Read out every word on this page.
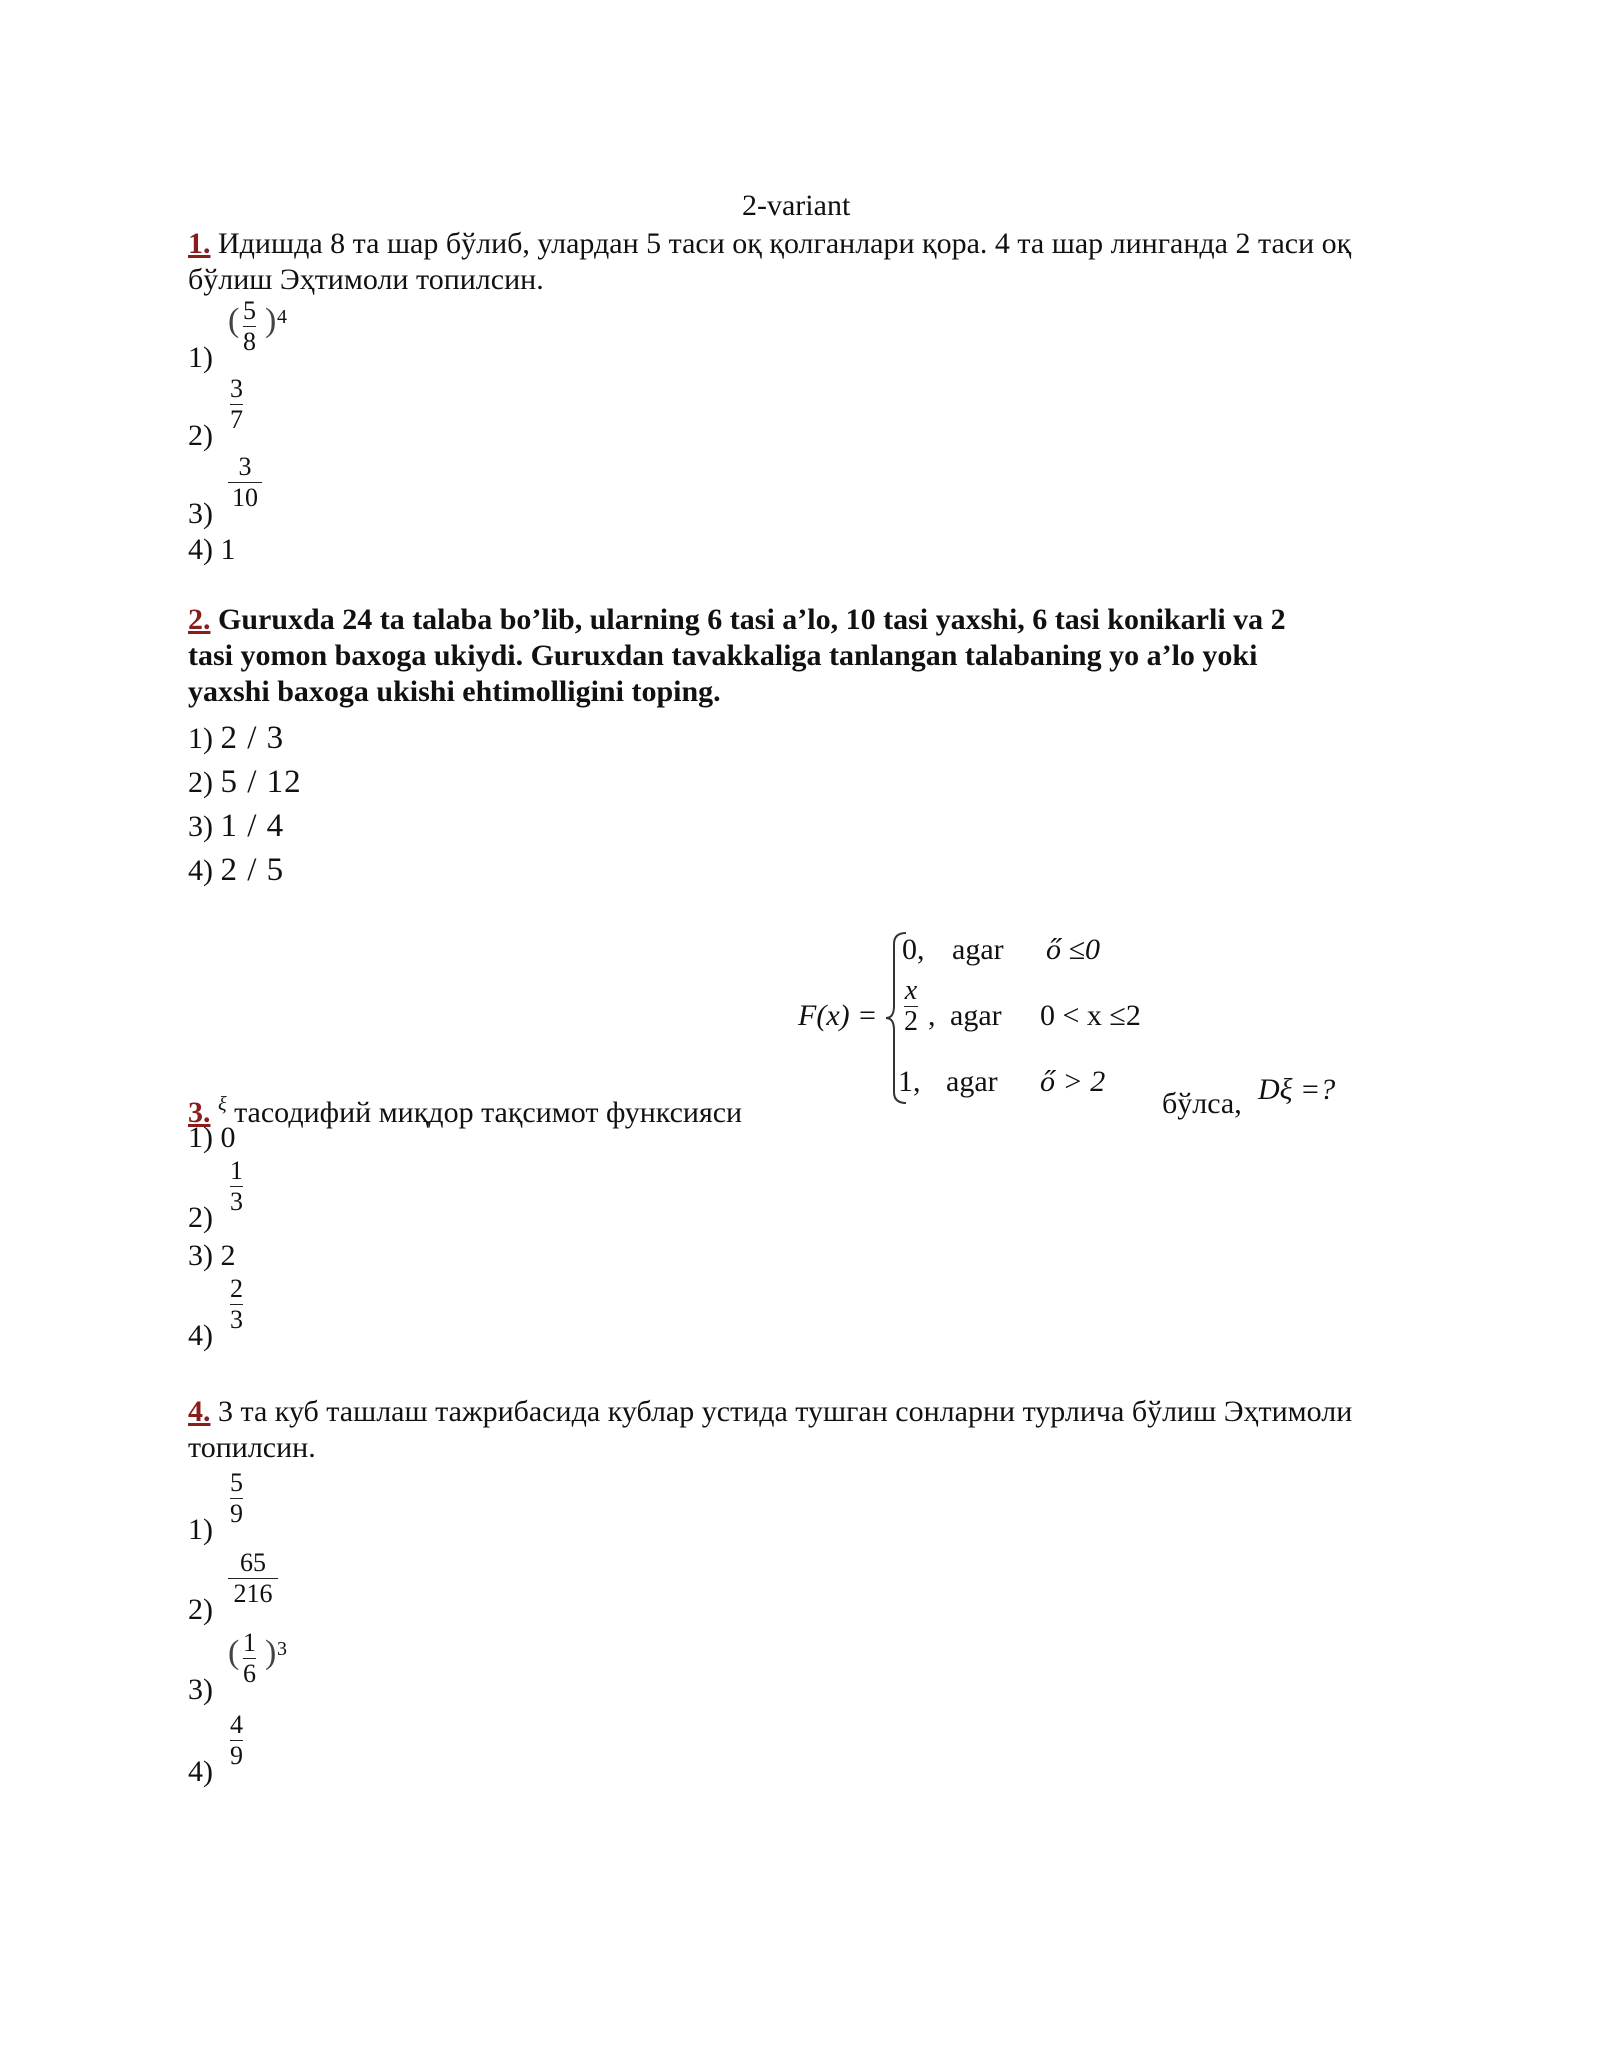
2-variant
1. Идишда 8 та шар бўлиб, улардан 5 таси оқ қолганлари қора. 4 та шар линганда 2 таси оқ
бўлиш Эҳтимоли топилсин.
1)
( 5
8
) 4
2)
3
7
3)
3
10
4) 1
2. Guruxda 24 ta talaba bo’lib, ularning 6 tasi a’lo, 10 tasi yaxshi, 6 tasi konikarli va 2
tasi yomon baxoga ukiydi. Guruxdan tavakkaliga tanlangan talabaning yo a’lo yoki
yaxshi baxoga ukishi ehtimolligini toping.
1) 2 / 3
2) 5 / 12
3) 1 / 4
4) 2 / 5
3. $^\xi$ тасодифий миқдор тақсимот функсияси
F(x) =
0, agar ő ≤0
x
2 , agar 0 < x ≤2
1, agar ő > 2
бўлса, Dξ =?
1) 0
2)
1
3
3) 2
4)
2
3
4. 3 та куб ташлаш тажрибасида кублар устида тушган сонларни турлича бўлиш Эҳтимоли
топилсин.
1)
5
9
2)
65
216
3)
( 1
6
) 3
4)
4
9
